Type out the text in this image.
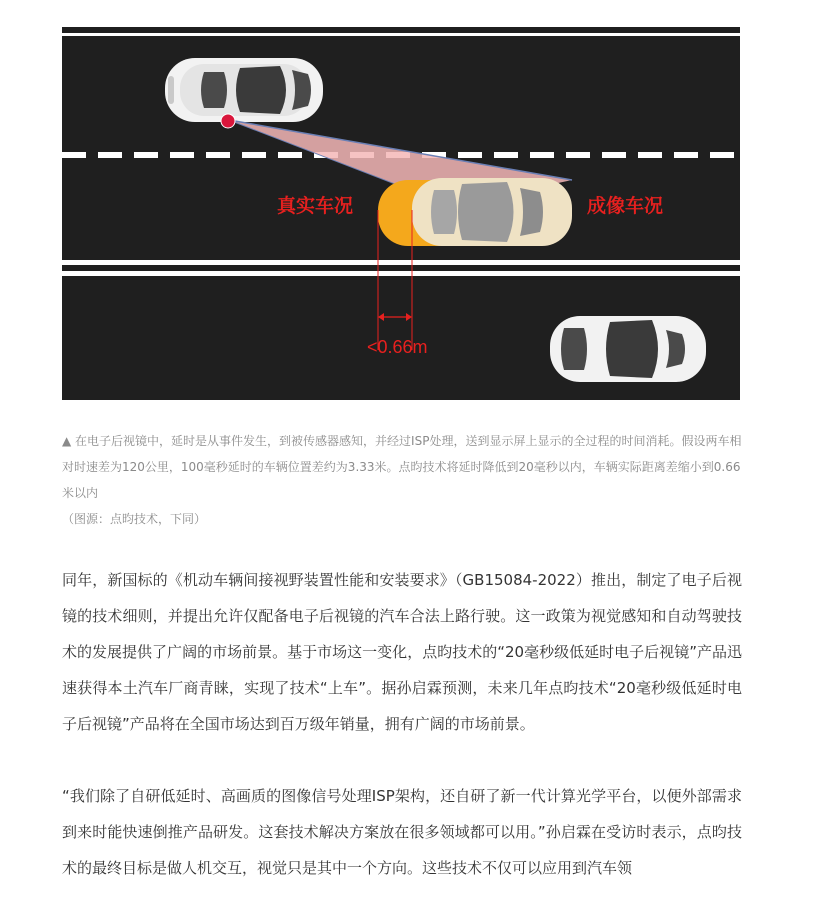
真实车况	成像车况
<0.66m

▲ 在电子后视镜中，延时是从事件发生，到被传感器感知，并经过ISP处理，送到显示屏上显示的全过程的时间消耗。假设两车相对时速差为120公里，100毫秒延时的车辆位置差约为3.33米。点昀技术将延时降低到20毫秒以内，车辆实际距离差缩小到0.66米以内

（图源：点昀技术，下同）

同年，新国标的《机动车辆间接视野装置性能和安装要求》（GB15084-2022）推出，制定了电子后视镜的技术细则，并提出允许仅配备电子后视镜的汽车合法上路行驶。这一政策为视觉感知和自动驾驶技术的发展提供了广阔的市场前景。基于市场这一变化，点昀技术的“20毫秒级低延时电子后视镜”产品迅速获得本土汽车厂商青睐，实现了技术“上车”。据孙启霖预测，未来几年点昀技术“20毫秒级低延时电子后视镜”产品将在全国市场达到百万级年销量，拥有广阔的市场前景。

“我们除了自研低延时、高画质的图像信号处理ISP架构，还自研了新一代计算光学平台，以便外部需求到来时能快速倒推产品研发。这套技术解决方案放在很多领域都可以用。”孙启霖在受访时表示，点昀技术的最终目标是做人机交互，视觉只是其中一个方向。这些技术不仅可以应用到汽车领
